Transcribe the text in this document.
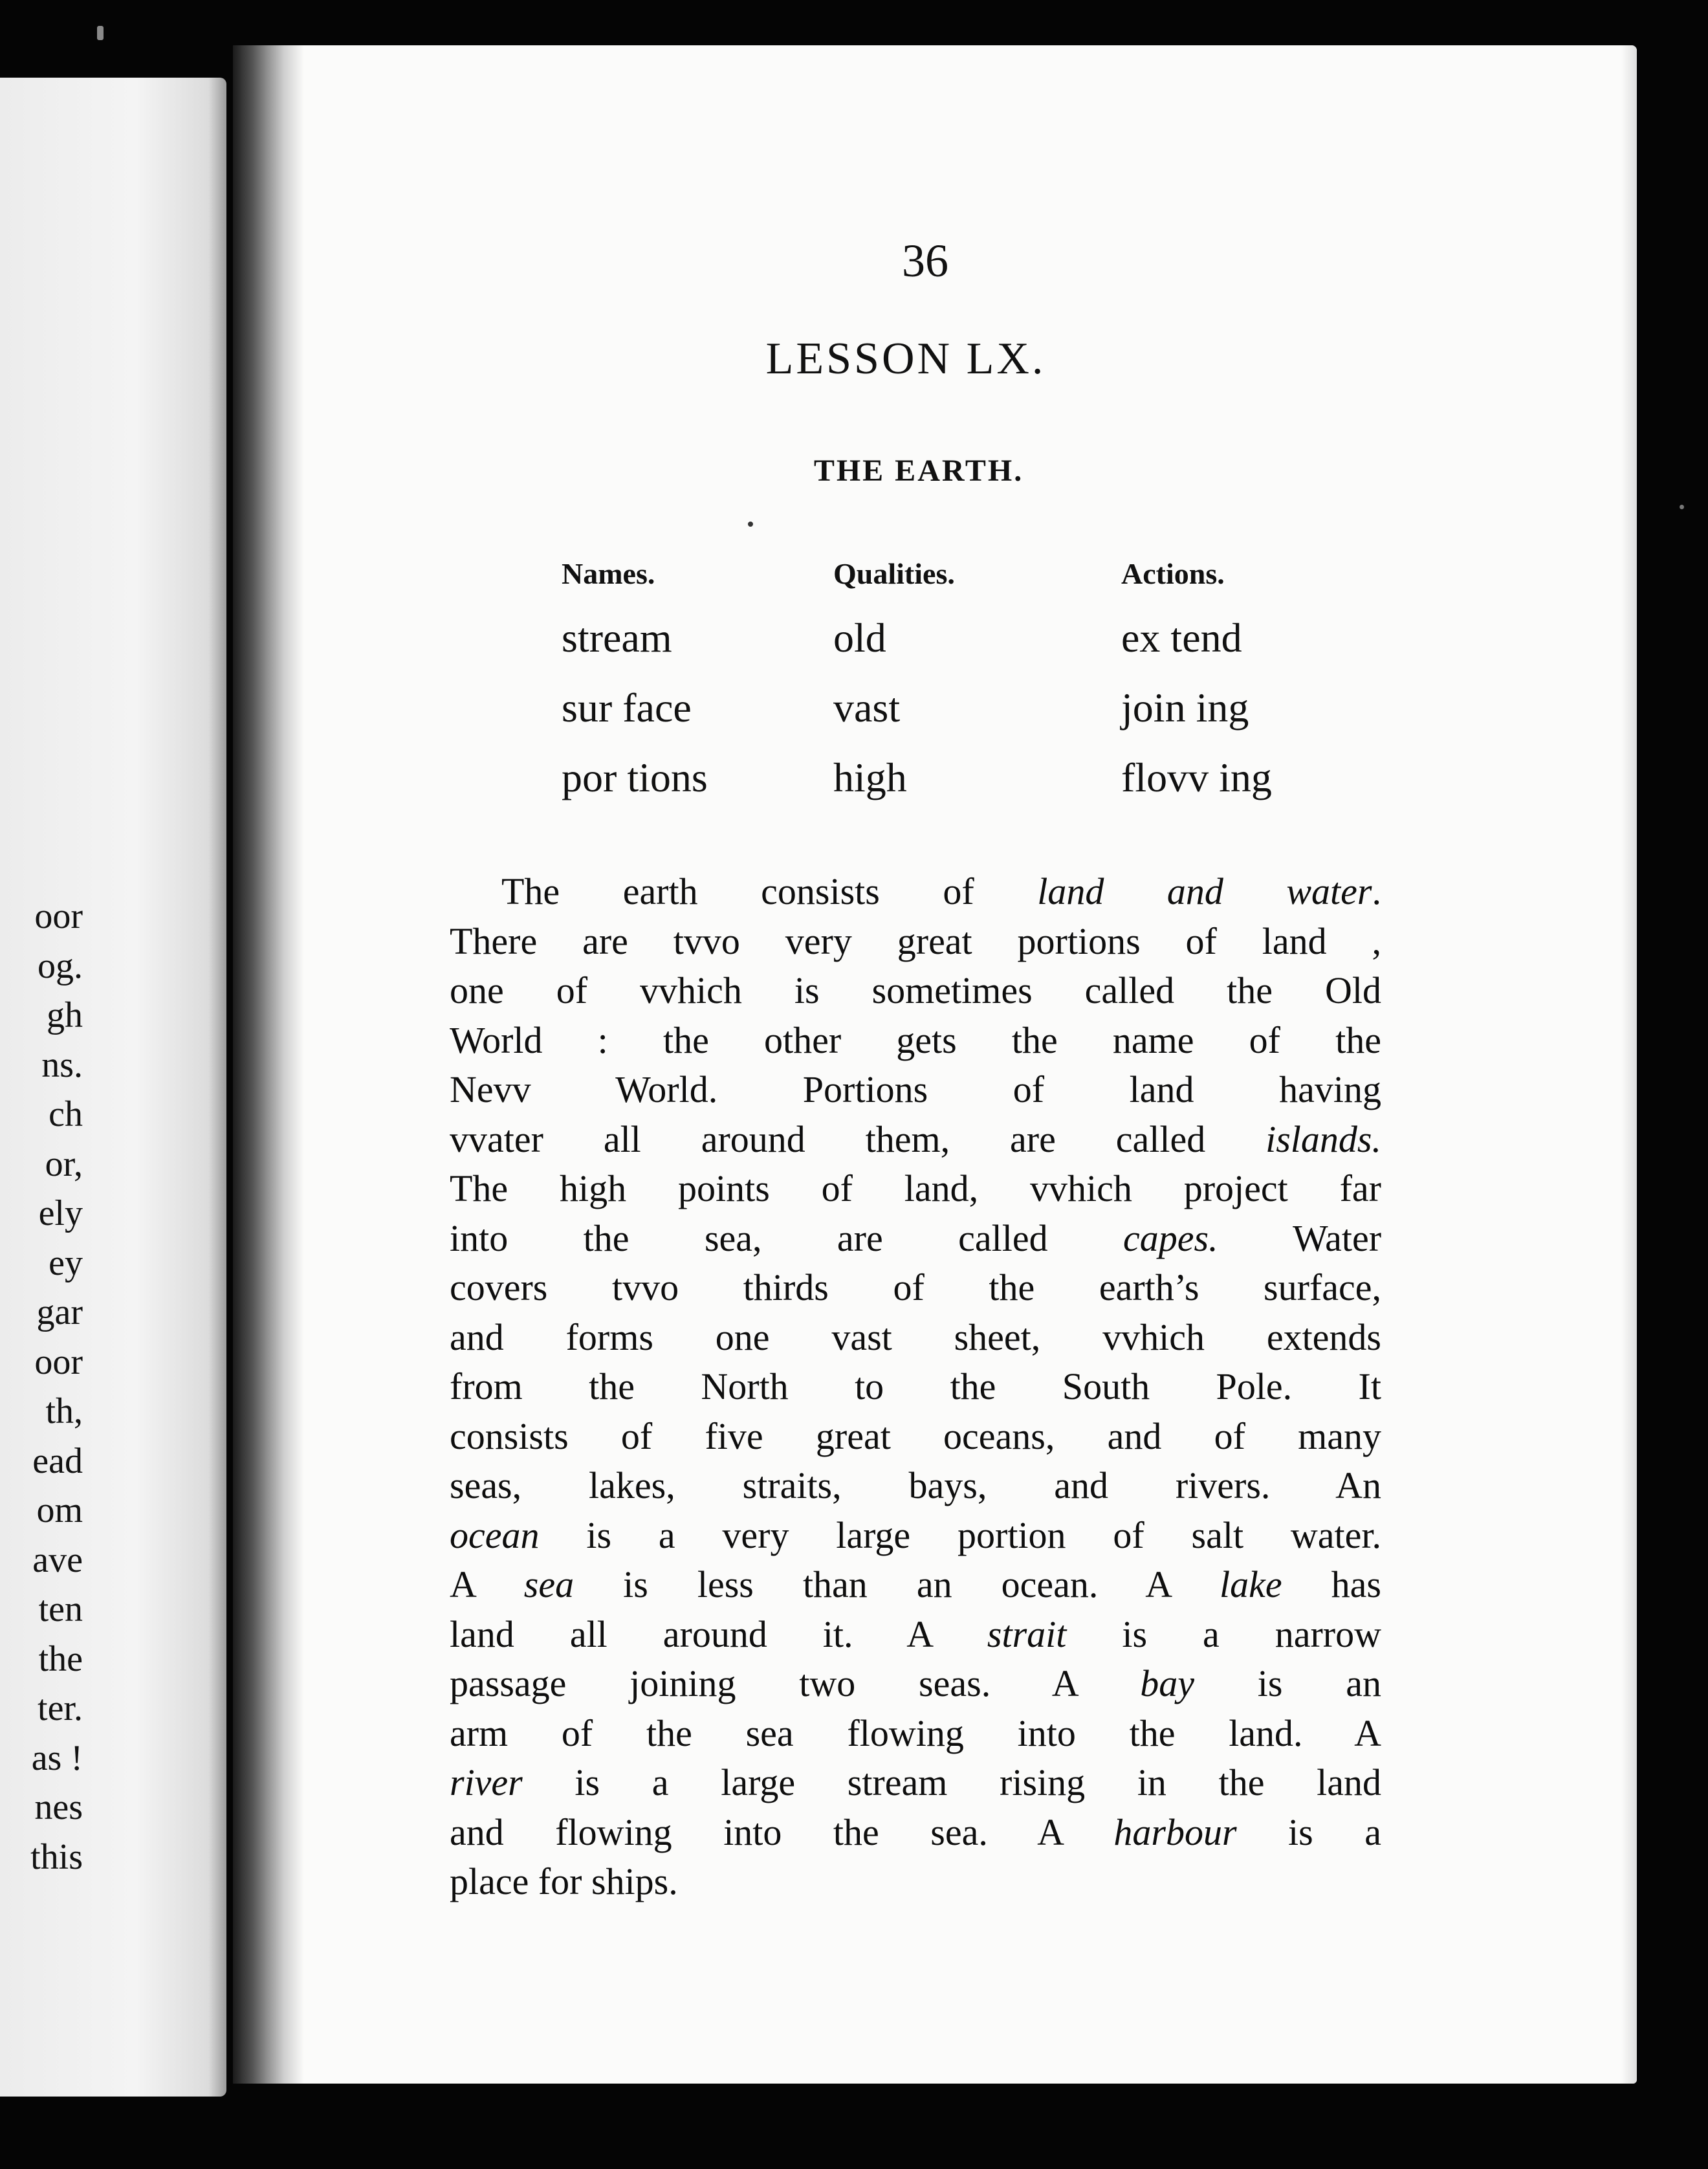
oor
og.
gh
ns.
ch
or,
ely
ey
gar
oor
th,
ead
om
ave
ten
the
ter.
as !
nes
this
36
LESSON LX.
THE EARTH.
Names.
stream
sur face
por tions
Qualities.
old
vast
high
Actions.
ex tend
join ing
flovv ing
The earth consists of land and water.
There are tvvo very great portions of land ,
one of vvhich is sometimes called the Old
World : the other gets the name of the
Nevv World. Portions of land having
vvater all around them, are called islands.
The high points of land, vvhich project far
into the sea, are called capes. Water
covers tvvo thirds of the earth’s surface,
and forms one vast sheet, vvhich extends
from the North to the South Pole. It
consists of five great oceans, and of many
seas, lakes, straits, bays, and rivers. An
ocean is a very large portion of salt water.
A sea is less than an ocean. A lake has
land all around it. A strait is a narrow
passage joining two seas. A bay is an
arm of the sea flowing into the land. A
river is a large stream rising in the land
and flowing into the sea. A harbour is a
place for ships.
